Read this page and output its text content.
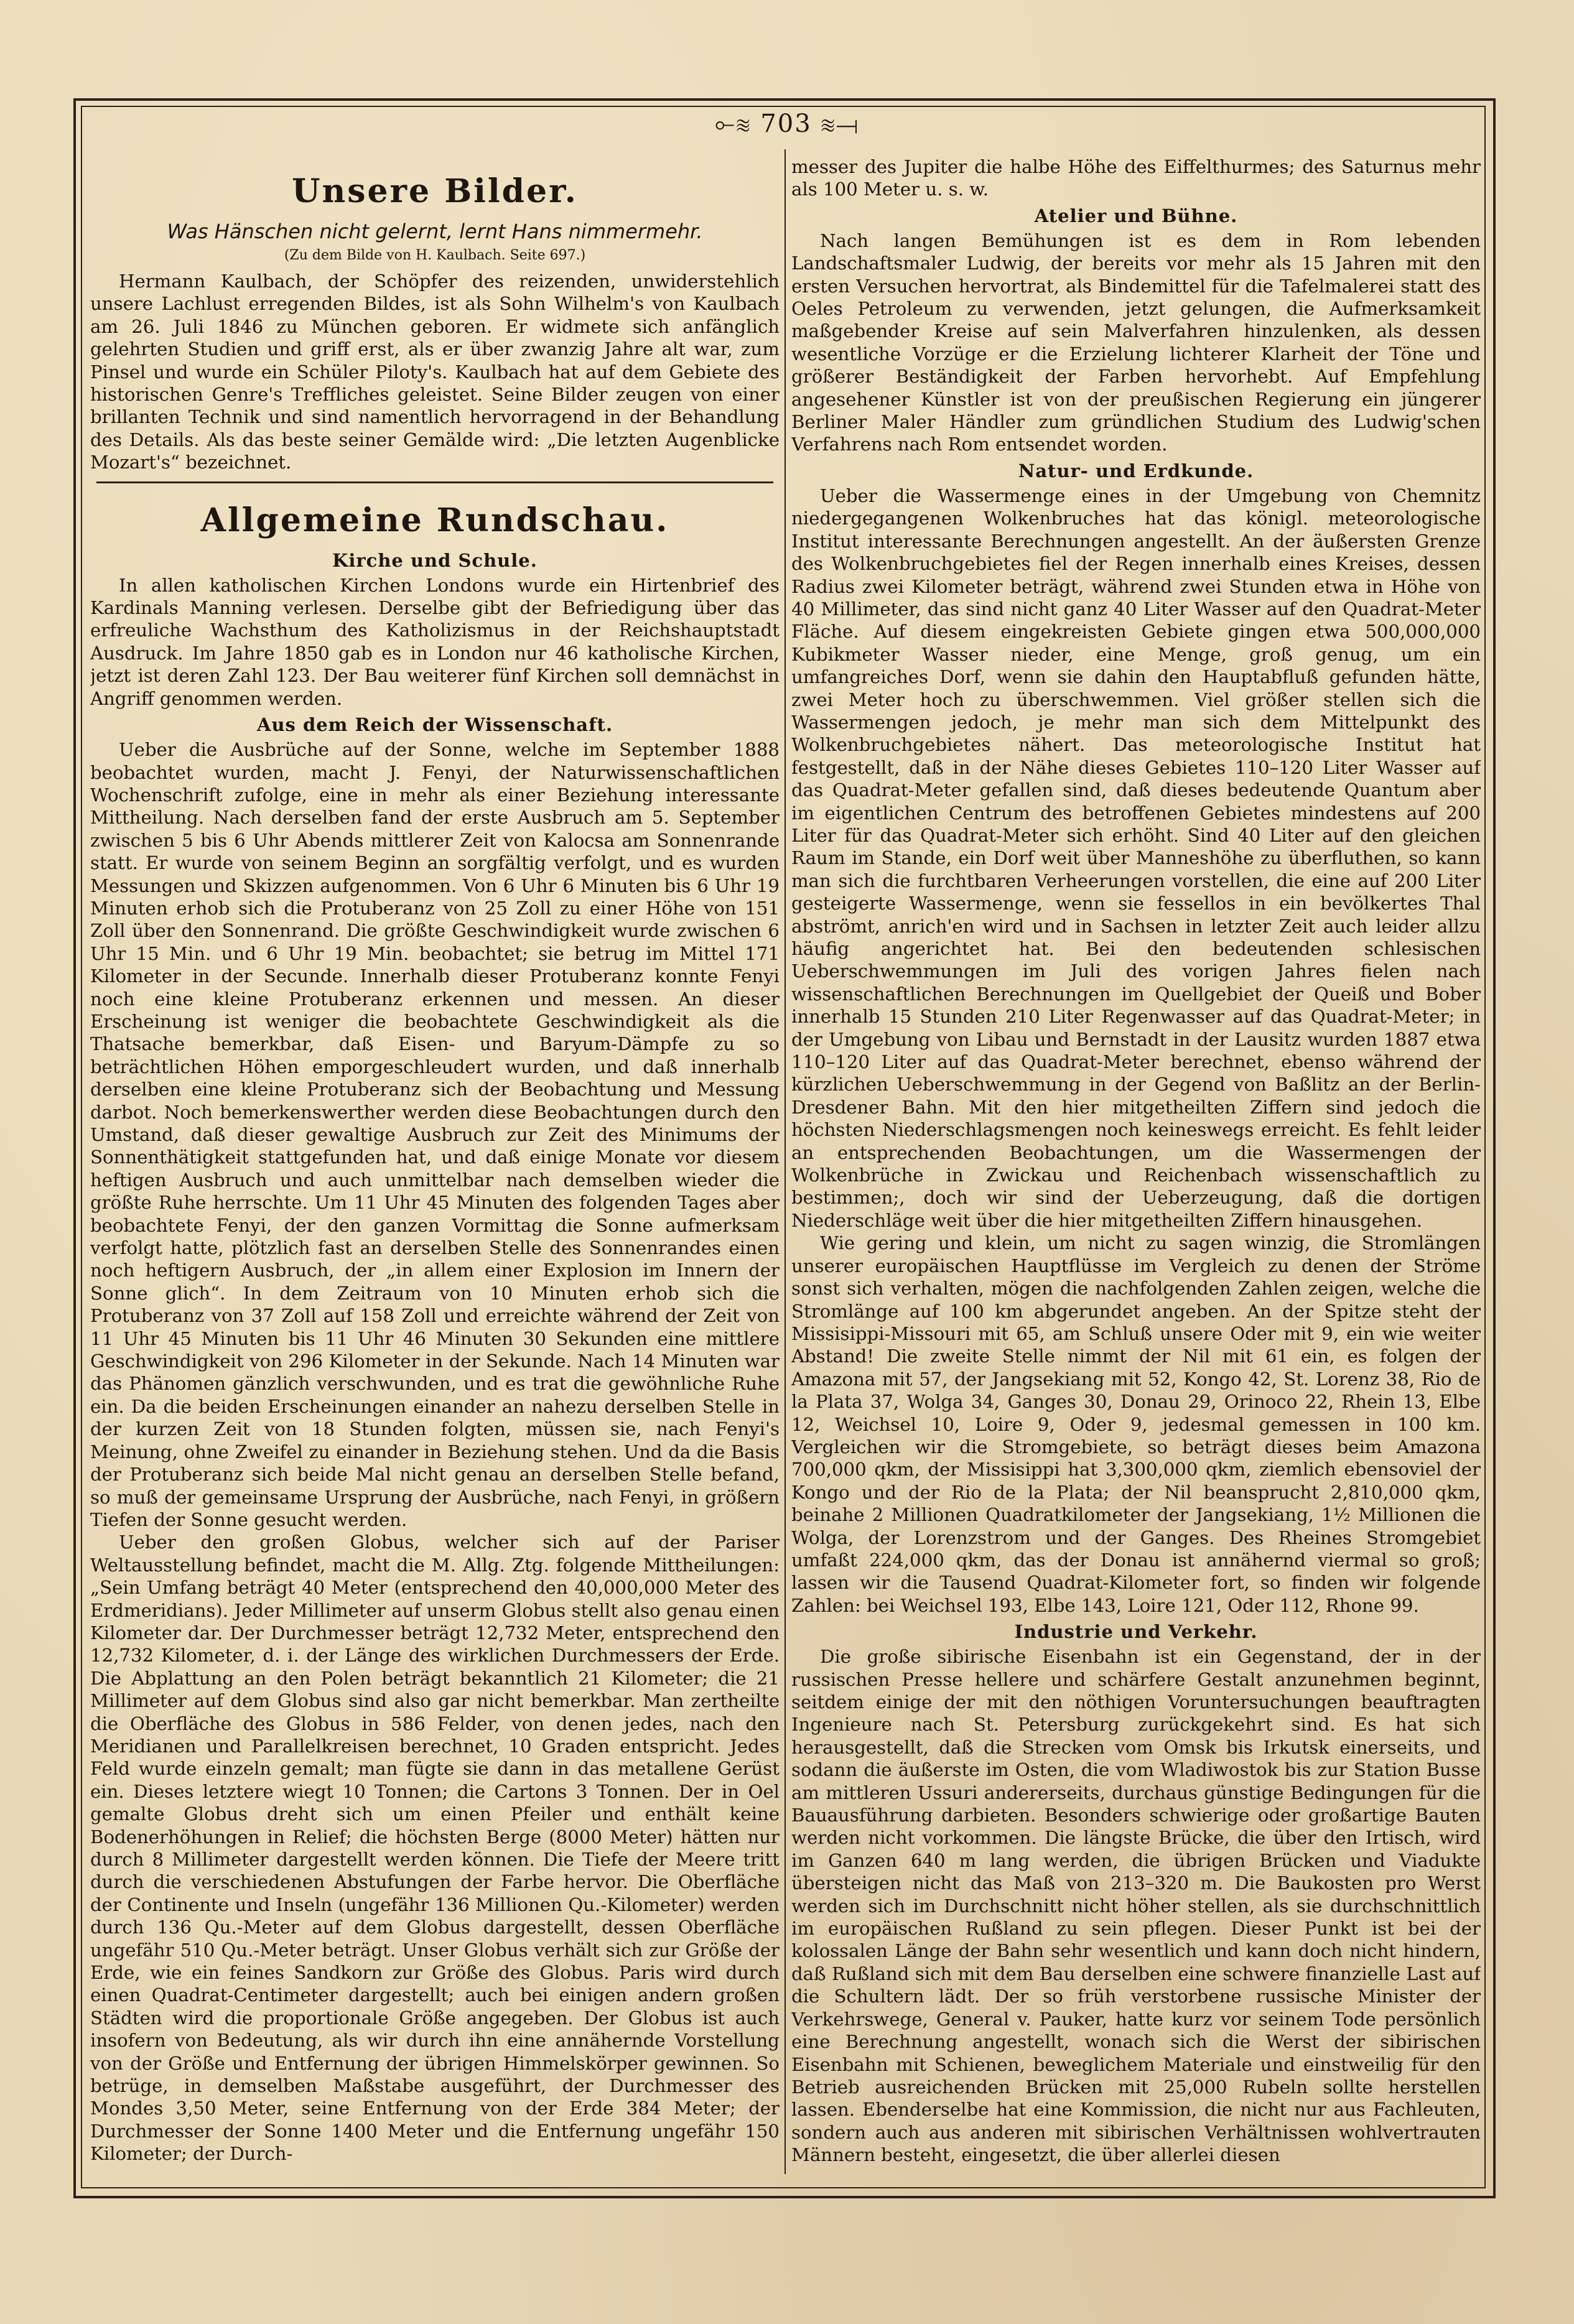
⟜≋ 703 ≋⟞
Unsere Bilder.
Was Hänschen nicht gelernt, lernt Hans nimmermehr.
(Zu dem Bilde von H. Kaulbach. Seite 697.)

Hermann Kaulbach, der Schöpfer des reizenden, unwiderstehlich unsere Lachlust erregenden Bildes, ist als Sohn Wilhelm's von Kaulbach am 26. Juli 1846 zu München geboren. Er widmete sich anfänglich gelehrten Studien und griff erst, als er über zwanzig Jahre alt war, zum Pinsel und wurde ein Schüler Piloty's. Kaulbach hat auf dem Gebiete des historischen Genre's Treffliches geleistet. Seine Bilder zeugen von einer brillanten Technik und sind namentlich hervorragend in der Behandlung des Details. Als das beste seiner Gemälde wird: „Die letzten Augenblicke Mozart's“ bezeichnet.

Allgemeine Rundschau.
Kirche und Schule.

In allen katholischen Kirchen Londons wurde ein Hirtenbrief des Kardinals Manning verlesen. Derselbe gibt der Befriedigung über das erfreuliche Wachsthum des Katholizismus in der Reichshauptstadt Ausdruck. Im Jahre 1850 gab es in London nur 46 katholische Kirchen, jetzt ist deren Zahl 123. Der Bau weiterer fünf Kirchen soll demnächst in Angriff genommen werden.

Aus dem Reich der Wissenschaft.

Ueber die Ausbrüche auf der Sonne, welche im September 1888 beobachtet wurden, macht J. Fenyi, der Naturwissenschaftlichen Wochenschrift zufolge, eine in mehr als einer Beziehung interessante Mittheilung. Nach derselben fand der erste Ausbruch am 5. September zwischen 5 bis 6 Uhr Abends mittlerer Zeit von Kalocsa am Sonnenrande statt. Er wurde von seinem Beginn an sorgfältig verfolgt, und es wurden Messungen und Skizzen aufgenommen. Von 6 Uhr 6 Minuten bis 6 Uhr 19 Minuten erhob sich die Protuberanz von 25 Zoll zu einer Höhe von 151 Zoll über den Sonnenrand. Die größte Geschwindigkeit wurde zwischen 6 Uhr 15 Min. und 6 Uhr 19 Min. beobachtet; sie betrug im Mittel 171 Kilometer in der Secunde. Innerhalb dieser Protuberanz konnte Fenyi noch eine kleine Protuberanz erkennen und messen. An dieser Erscheinung ist weniger die beobachtete Geschwindigkeit als die Thatsache bemerkbar, daß Eisen- und Baryum-Dämpfe zu so beträchtlichen Höhen emporgeschleudert wurden, und daß innerhalb derselben eine kleine Protuberanz sich der Beobachtung und Messung darbot. Noch bemerkenswerther werden diese Beobachtungen durch den Umstand, daß dieser gewaltige Ausbruch zur Zeit des Minimums der Sonnenthätigkeit stattgefunden hat, und daß einige Monate vor diesem heftigen Ausbruch und auch unmittelbar nach demselben wieder die größte Ruhe herrschte. Um 11 Uhr 45 Minuten des folgenden Tages aber beobachtete Fenyi, der den ganzen Vormittag die Sonne aufmerksam verfolgt hatte, plötzlich fast an derselben Stelle des Sonnenrandes einen noch heftigern Ausbruch, der „in allem einer Explosion im Innern der Sonne glich“. In dem Zeitraum von 10 Minuten erhob sich die Protuberanz von 37 Zoll auf 158 Zoll und erreichte während der Zeit von 11 Uhr 45 Minuten bis 11 Uhr 46 Minuten 30 Sekunden eine mittlere Geschwindigkeit von 296 Kilometer in der Sekunde. Nach 14 Minuten war das Phänomen gänzlich verschwunden, und es trat die gewöhnliche Ruhe ein. Da die beiden Erscheinungen einander an nahezu derselben Stelle in der kurzen Zeit von 18 Stunden folgten, müssen sie, nach Fenyi's Meinung, ohne Zweifel zu einander in Beziehung stehen. Und da die Basis der Protuberanz sich beide Mal nicht genau an derselben Stelle befand, so muß der gemeinsame Ursprung der Ausbrüche, nach Fenyi, in größern Tiefen der Sonne gesucht werden.

Ueber den großen Globus, welcher sich auf der Pariser Weltausstellung befindet, macht die M. Allg. Ztg. folgende Mittheilungen: „Sein Umfang beträgt 40 Meter (entsprechend den 40,000,000 Meter des Erdmeridians). Jeder Millimeter auf unserm Globus stellt also genau einen Kilometer dar. Der Durchmesser beträgt 12,732 Meter, entsprechend den 12,732 Kilometer, d. i. der Länge des wirklichen Durchmessers der Erde. Die Abplattung an den Polen beträgt bekanntlich 21 Kilometer; die 21 Millimeter auf dem Globus sind also gar nicht bemerkbar. Man zertheilte die Oberfläche des Globus in 586 Felder, von denen jedes, nach den Meridianen und Parallelkreisen berechnet, 10 Graden entspricht. Jedes Feld wurde einzeln gemalt; man fügte sie dann in das metallene Gerüst ein. Dieses letztere wiegt 10 Tonnen; die Cartons 3 Tonnen. Der in Oel gemalte Globus dreht sich um einen Pfeiler und enthält keine Bodenerhöhungen in Relief; die höchsten Berge (8000 Meter) hätten nur durch 8 Millimeter dargestellt werden können. Die Tiefe der Meere tritt durch die verschiedenen Abstufungen der Farbe hervor. Die Oberfläche der Continente und Inseln (ungefähr 136 Millionen Qu.-Kilometer) werden durch 136 Qu.-Meter auf dem Globus dargestellt, dessen Oberfläche ungefähr 510 Qu.-Meter beträgt. Unser Globus verhält sich zur Größe der Erde, wie ein feines Sandkorn zur Größe des Globus. Paris wird durch einen Quadrat-Centimeter dargestellt; auch bei einigen andern großen Städten wird die proportionale Größe angegeben. Der Globus ist auch insofern von Bedeutung, als wir durch ihn eine annähernde Vorstellung von der Größe und Entfernung der übrigen Himmelskörper gewinnen. So betrüge, in demselben Maßstabe ausgeführt, der Durchmesser des Mondes 3,50 Meter, seine Entfernung von der Erde 384 Meter; der Durchmesser der Sonne 1400 Meter und die Entfernung ungefähr 150 Kilometer; der Durch-

messer des Jupiter die halbe Höhe des Eiffelthurmes; des Saturnus mehr als 100 Meter u. s. w.

Atelier und Bühne.

Nach langen Bemühungen ist es dem in Rom lebenden Landschaftsmaler Ludwig, der bereits vor mehr als 15 Jahren mit den ersten Versuchen hervortrat, als Bindemittel für die Tafelmalerei statt des Oeles Petroleum zu verwenden, jetzt gelungen, die Aufmerksamkeit maßgebender Kreise auf sein Malverfahren hinzulenken, als dessen wesentliche Vorzüge er die Erzielung lichterer Klarheit der Töne und größerer Beständigkeit der Farben hervorhebt. Auf Empfehlung angesehener Künstler ist von der preußischen Regierung ein jüngerer Berliner Maler Händler zum gründlichen Studium des Ludwig'schen Verfahrens nach Rom entsendet worden.

Natur- und Erdkunde.

Ueber die Wassermenge eines in der Umgebung von Chemnitz niedergegangenen Wolkenbruches hat das königl. meteorologische Institut interessante Berechnungen angestellt. An der äußersten Grenze des Wolkenbruchgebietes fiel der Regen innerhalb eines Kreises, dessen Radius zwei Kilometer beträgt, während zwei Stunden etwa in Höhe von 40 Millimeter, das sind nicht ganz 40 Liter Wasser auf den Quadrat-Meter Fläche. Auf diesem eingekreisten Gebiete gingen etwa 500,000,000 Kubikmeter Wasser nieder, eine Menge, groß genug, um ein umfangreiches Dorf, wenn sie dahin den Hauptabfluß gefunden hätte, zwei Meter hoch zu überschwemmen. Viel größer stellen sich die Wassermengen jedoch, je mehr man sich dem Mittelpunkt des Wolkenbruchgebietes nähert. Das meteorologische Institut hat festgestellt, daß in der Nähe dieses Gebietes 110–120 Liter Wasser auf das Quadrat-Meter gefallen sind, daß dieses bedeutende Quantum aber im eigentlichen Centrum des betroffenen Gebietes mindestens auf 200 Liter für das Quadrat-Meter sich erhöht. Sind 40 Liter auf den gleichen Raum im Stande, ein Dorf weit über Manneshöhe zu überfluthen, so kann man sich die furchtbaren Verheerungen vorstellen, die eine auf 200 Liter gesteigerte Wassermenge, wenn sie fessellos in ein bevölkertes Thal abströmt, anrich'en wird und in Sachsen in letzter Zeit auch leider allzu häufig angerichtet hat. Bei den bedeutenden schlesischen Ueberschwemmungen im Juli des vorigen Jahres fielen nach wissenschaftlichen Berechnungen im Quellgebiet der Queiß und Bober innerhalb 15 Stunden 210 Liter Regenwasser auf das Quadrat-Meter; in der Umgebung von Libau und Bernstadt in der Lausitz wurden 1887 etwa 110–120 Liter auf das Quadrat-Meter berechnet, ebenso während der kürzlichen Ueberschwemmung in der Gegend von Baßlitz an der Berlin-Dresdener Bahn. Mit den hier mitgetheilten Ziffern sind jedoch die höchsten Niederschlagsmengen noch keineswegs erreicht. Es fehlt leider an entsprechenden Beobachtungen, um die Wassermengen der Wolkenbrüche in Zwickau und Reichenbach wissenschaftlich zu bestimmen;, doch wir sind der Ueberzeugung, daß die dortigen Niederschläge weit über die hier mitgetheilten Ziffern hinausgehen.

Wie gering und klein, um nicht zu sagen winzig, die Stromlängen unserer europäischen Hauptflüsse im Vergleich zu denen der Ströme sonst sich verhalten, mögen die nachfolgenden Zahlen zeigen, welche die Stromlänge auf 100 km abgerundet angeben. An der Spitze steht der Missisippi-Missouri mit 65, am Schluß unsere Oder mit 9, ein wie weiter Abstand! Die zweite Stelle nimmt der Nil mit 61 ein, es folgen der Amazona mit 57, der Jangsekiang mit 52, Kongo 42, St. Lorenz 38, Rio de la Plata 37, Wolga 34, Ganges 30, Donau 29, Orinoco 22, Rhein 13, Elbe 12, Weichsel 10, Loire 9, Oder 9, jedesmal gemessen in 100 km. Vergleichen wir die Stromgebiete, so beträgt dieses beim Amazona 700,000 qkm, der Missisippi hat 3,300,000 qkm, ziemlich ebensoviel der Kongo und der Rio de la Plata; der Nil beansprucht 2,810,000 qkm, beinahe 2 Millionen Quadratkilometer der Jangsekiang, 1½ Millionen die Wolga, der Lorenzstrom und der Ganges. Des Rheines Stromgebiet umfaßt 224,000 qkm, das der Donau ist annähernd viermal so groß; lassen wir die Tausend Quadrat-Kilometer fort, so finden wir folgende Zahlen: bei Weichsel 193, Elbe 143, Loire 121, Oder 112, Rhone 99.

Industrie und Verkehr.

Die große sibirische Eisenbahn ist ein Gegenstand, der in der russischen Presse hellere und schärfere Gestalt anzunehmen beginnt, seitdem einige der mit den nöthigen Voruntersuchungen beauftragten Ingenieure nach St. Petersburg zurückgekehrt sind. Es hat sich herausgestellt, daß die Strecken vom Omsk bis Irkutsk einerseits, und sodann die äußerste im Osten, die vom Wladiwostok bis zur Station Busse am mittleren Ussuri andererseits, durchaus günstige Bedingungen für die Bauausführung darbieten. Besonders schwierige oder großartige Bauten werden nicht vorkommen. Die längste Brücke, die über den Irtisch, wird im Ganzen 640 m lang werden, die übrigen Brücken und Viadukte übersteigen nicht das Maß von 213–320 m. Die Baukosten pro Werst werden sich im Durchschnitt nicht höher stellen, als sie durchschnittlich im europäischen Rußland zu sein pflegen. Dieser Punkt ist bei der kolossalen Länge der Bahn sehr wesentlich und kann doch nicht hindern, daß Rußland sich mit dem Bau derselben eine schwere finanzielle Last auf die Schultern lädt. Der so früh verstorbene russische Minister der Verkehrswege, General v. Pauker, hatte kurz vor seinem Tode persönlich eine Berechnung angestellt, wonach sich die Werst der sibirischen Eisenbahn mit Schienen, beweglichem Materiale und einstweilig für den Betrieb ausreichenden Brücken mit 25,000 Rubeln sollte herstellen lassen. Ebenderselbe hat eine Kommission, die nicht nur aus Fachleuten, sondern auch aus anderen mit sibirischen Verhältnissen wohlvertrauten Männern besteht, eingesetzt, die über allerlei diesen
